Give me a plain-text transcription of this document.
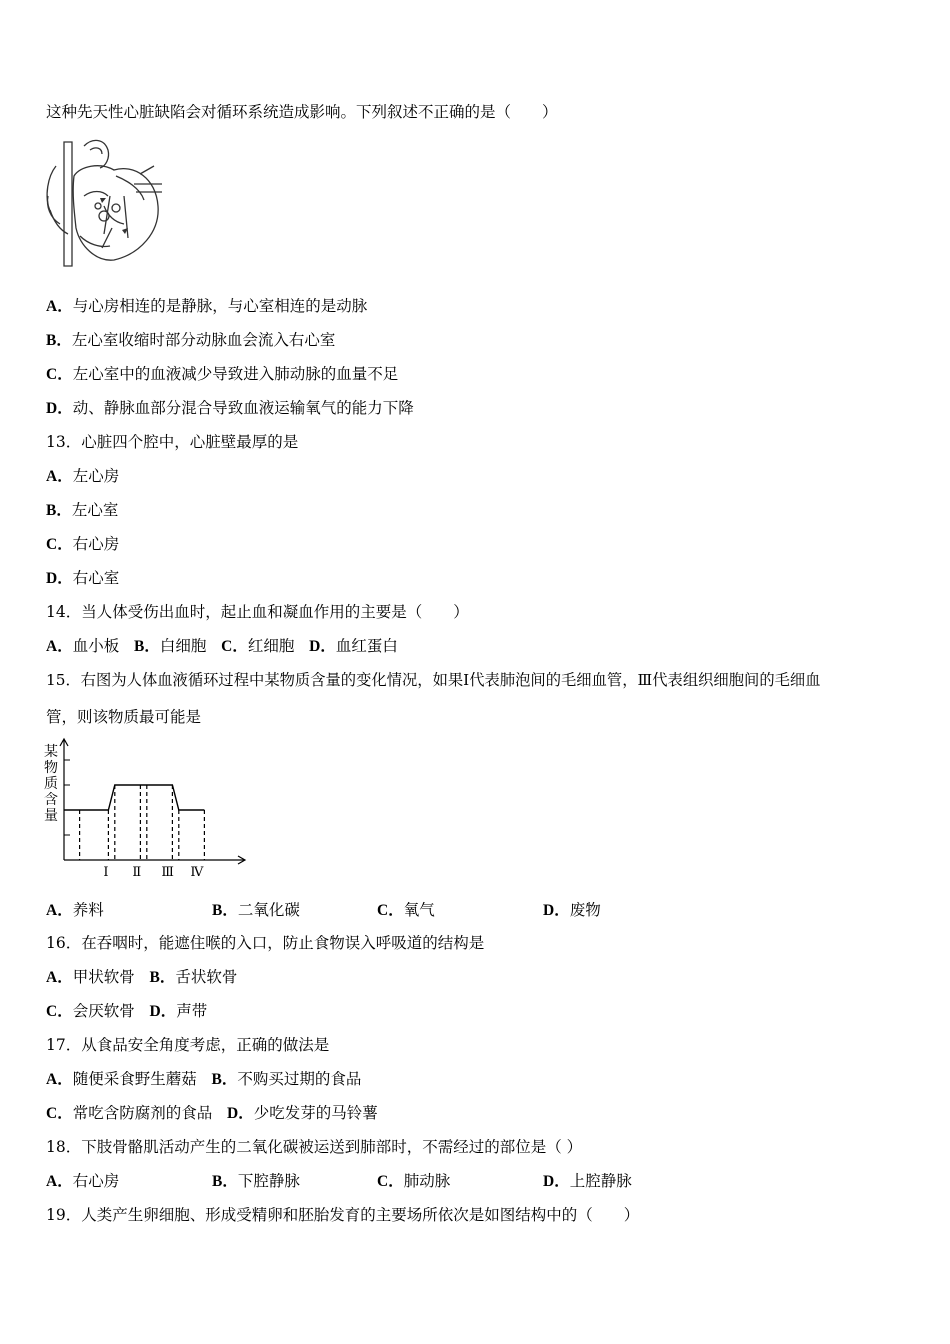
这种先天性心脏缺陷会对循环系统造成影响。下列叙述不正确的是（　　）
A．与心房相连的是静脉，与心室相连的是动脉
B．左心室收缩时部分动脉血会流入右心室
C．左心室中的血液减少导致进入肺动脉的血量不足
D．动、静脉血部分混合导致血液运输氧气的能力下降
13．心脏四个腔中，心脏壁最厚的是
A．左心房
B．左心室
C．右心房
D．右心室
14．当人体受伤出血时，起止血和凝血作用的主要是（　　）
A．血小板 B．白细胞 C．红细胞 D．血红蛋白
15．右图为人体血液循环过程中某物质含量的变化情况，如果Ⅰ代表肺泡间的毛细血管，Ⅲ代表组织细胞间的毛细血
管，则该物质最可能是
某
物
质
含
量
Ⅰ Ⅱ Ⅲ Ⅳ
A．养料	B．二氧化碳	C．氧气	D．废物
16．在吞咽时，能遮住喉的入口，防止食物误入呼吸道的结构是
A．甲状软骨 B．舌状软骨
C．会厌软骨 D．声带
17．从食品安全角度考虑，正确的做法是
A．随便采食野生蘑菇 B．不购买过期的食品
C．常吃含防腐剂的食品 D．少吃发芽的马铃薯
18．下肢骨骼肌活动产生的二氧化碳被运送到肺部时，不需经过的部位是（ ）
A．右心房	B．下腔静脉	C．肺动脉	D．上腔静脉
19．人类产生卵细胞、形成受精卵和胚胎发育的主要场所依次是如图结构中的（　　）
